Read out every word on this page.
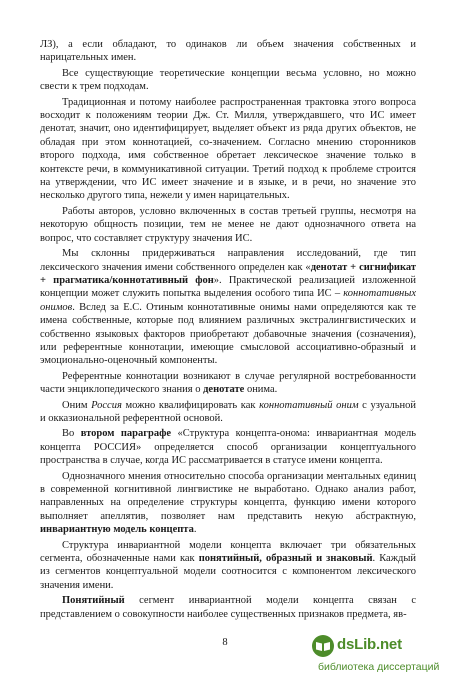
ЛЗ), а если обладают, то одинаков ли объем значения собственных и нарицательных имен.

Все существующие теоретические концепции весьма условно, но можно свести к трем подходам.

Традиционная и потому наиболее распространенная трактовка этого вопроса восходит к положениям теории Дж. Ст. Милля, утверждавшего, что ИС имеет денотат, значит, оно идентифицирует, выделяет объект из ряда других объектов, не обладая при этом коннотацией, со-значением. Согласно мнению сторонников второго подхода, имя собственное обретает лексическое значение только в контексте речи, в коммуникативной ситуации. Третий подход к проблеме строится на утверждении, что ИС имеет значение и в языке, и в речи, но значение это несколько другого типа, нежели у имен нарицательных.

Работы авторов, условно включенных в состав третьей группы, несмотря на некоторую общность позиции, тем не менее не дают однозначного ответа на вопрос, что составляет структуру значения ИС.

Мы склонны придерживаться направления исследований, где тип лексического значения имени собственного определен как «денотат + сигнификат + прагматика/коннотативный фон». Практической реализацией изложенной концепции может служить попытка выделения особого типа ИС – коннотативных онимов. Вслед за Е.С. Отиным коннотативные онимы нами определяются как те имена собственные, которые под влиянием различных экстралингвистических и собственно языковых факторов приобретают добавочные значения (созначения), или референтные коннотации, имеющие смысловой ассоциативно-образный и эмоционально-оценочный компоненты.

Референтные коннотации возникают в случае регулярной востребованности части энциклопедического знания о денотате онима.

Оним Россия можно квалифицировать как коннотативный оним с узуальной и окказиональной референтной основой.

Во втором параграфе «Структура концепта-онома: инвариантная модель концепта РОССИЯ» определяется способ организации концептуального пространства в случае, когда ИС рассматривается в статусе имени концепта.

Однозначного мнения относительно способа организации ментальных единиц в современной когнитивной лингвистике не выработано. Однако анализ работ, направленных на определение структуры концепта, функцию имени которого выполняет апеллятив, позволяет нам представить некую абстрактную, инвариантную модель концепта.

Структура инвариантной модели концепта включает три обязательных сегмента, обозначенные нами как понятийный, образный и знаковый. Каждый из сегментов концептуальной модели соотносится с компонентом лексического значения имени.

Понятийный сегмент инвариантной модели концепта связан с представлением о совокупности наиболее существенных признаков предмета, яв-

8	dsLib.net
библиотека диссертаций
